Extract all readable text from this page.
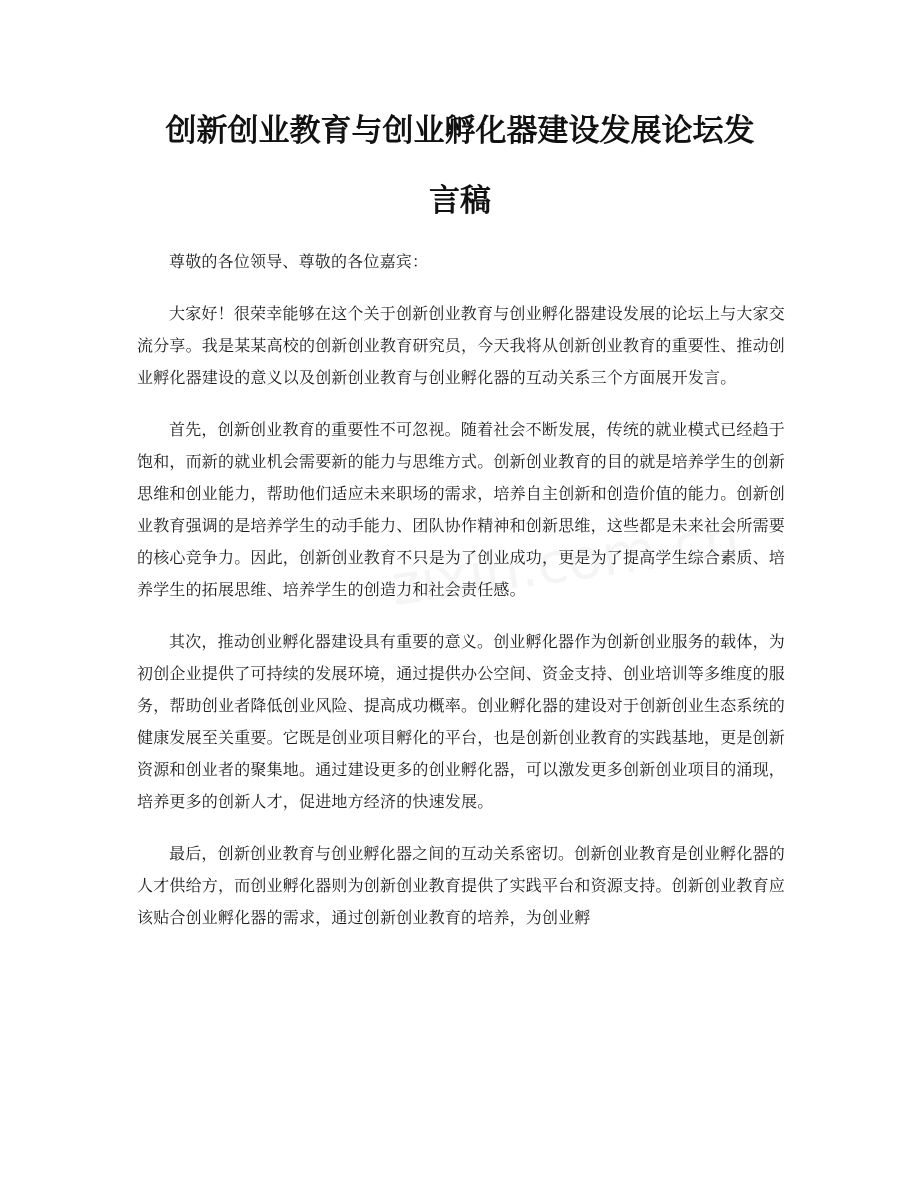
创新创业教育与创业孵化器建设发展论坛发
言稿

尊敬的各位领导、尊敬的各位嘉宾：

大家好！很荣幸能够在这个关于创新创业教育与创业孵化器建设发展的论坛上与大家交流分享。我是某某高校的创新创业教育研究员，今天我将从创新创业教育的重要性、推动创业孵化器建设的意义以及创新创业教育与创业孵化器的互动关系三个方面展开发言。

首先，创新创业教育的重要性不可忽视。随着社会不断发展，传统的就业模式已经趋于饱和，而新的就业机会需要新的能力与思维方式。创新创业教育的目的就是培养学生的创新思维和创业能力，帮助他们适应未来职场的需求，培养自主创新和创造价值的能力。创新创业教育强调的是培养学生的动手能力、团队协作精神和创新思维，这些都是未来社会所需要的核心竞争力。因此，创新创业教育不只是为了创业成功，更是为了提高学生综合素质、培养学生的拓展思维、培养学生的创造力和社会责任感。

其次，推动创业孵化器建设具有重要的意义。创业孵化器作为创新创业服务的载体，为初创企业提供了可持续的发展环境，通过提供办公空间、资金支持、创业培训等多维度的服务，帮助创业者降低创业风险、提高成功概率。创业孵化器的建设对于创新创业生态系统的健康发展至关重要。它既是创业项目孵化的平台，也是创新创业教育的实践基地，更是创新资源和创业者的聚集地。通过建设更多的创业孵化器，可以激发更多创新创业项目的涌现，培养更多的创新人才，促进地方经济的快速发展。

最后，创新创业教育与创业孵化器之间的互动关系密切。创新创业教育是创业孵化器的人才供给方，而创业孵化器则为创新创业教育提供了实践平台和资源支持。创新创业教育应该贴合创业孵化器的需求，通过创新创业教育的培养，为创业孵
